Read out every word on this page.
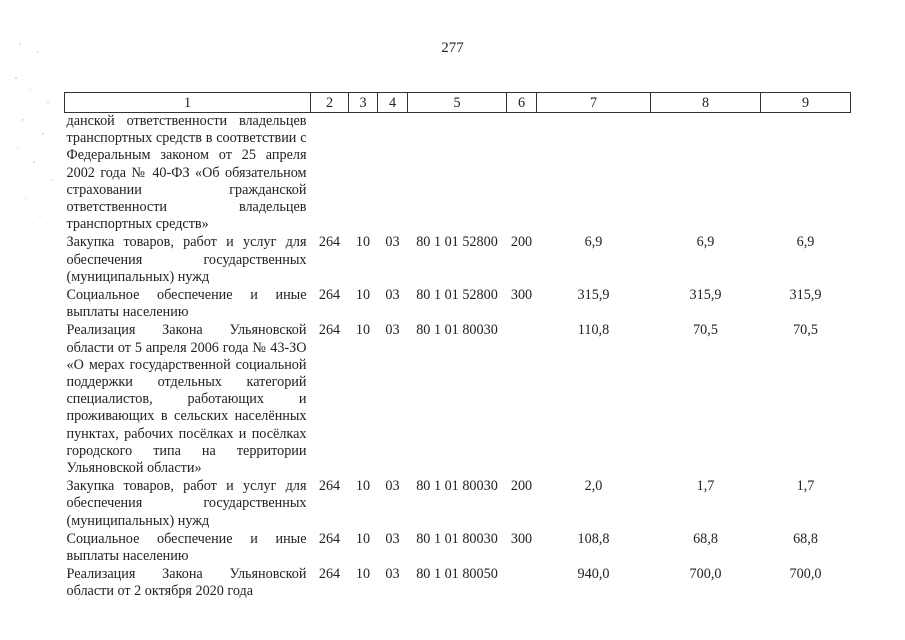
277
1	2	3	4	5	6	7	8	9
данской ответственности владельцев транспортных средств в соответствии с Федеральным законом от 25 апреля 2002 года № 40-ФЗ «Об обязательном страховании гражданской ответственности владельцев транспортных средств»								
Закупка товаров, работ и услуг для обеспечения государственных (муниципальных) нужд	264	10	03	80 1 01 52800	200	6,9	6,9	6,9
Социальное обеспечение и иные выплаты населению	264	10	03	80 1 01 52800	300	315,9	315,9	315,9
Реализация Закона Ульяновской области от 5 апреля 2006 года № 43-ЗО «О мерах государственной социальной поддержки отдельных категорий специалистов, работающих и проживающих в сельских населённых пунктах, рабочих посёлках и посёлках городского типа на территории Ульяновской области»	264	10	03	80 1 01 80030		110,8	70,5	70,5
Закупка товаров, работ и услуг для обеспечения государственных (муниципальных) нужд	264	10	03	80 1 01 80030	200	2,0	1,7	1,7
Социальное обеспечение и иные выплаты населению	264	10	03	80 1 01 80030	300	108,8	68,8	68,8
Реализация Закона Ульяновской области от 2 октября 2020 года	264	10	03	80 1 01 80050		940,0	700,0	700,0
